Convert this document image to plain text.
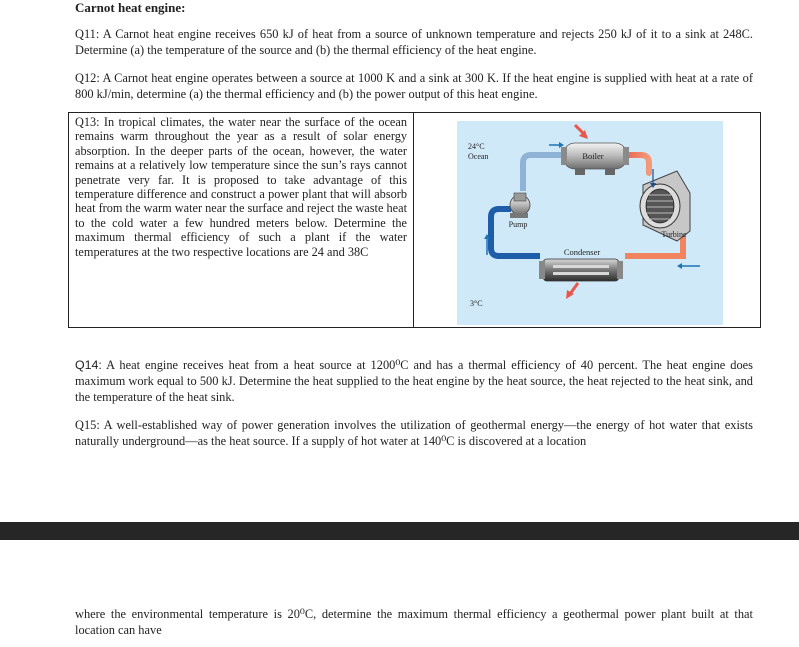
Carnot heat engine:

Q11: A Carnot heat engine receives 650 kJ of heat from a source of unknown temperature and rejects 250 kJ of it to a sink at 248C. Determine (a) the temperature of the source and (b) the thermal efficiency of the heat engine.

Q12: A Carnot heat engine operates between a source at 1000 K and a sink at 300 K. If the heat engine is supplied with heat at a rate of 800 kJ/min, determine (a) the thermal efficiency and (b) the power output of this heat engine.

Q13: In tropical climates, the water near the surface of the ocean remains warm throughout the year as a result of solar energy absorption. In the deeper parts of the ocean, however, the water remains at a relatively low temperature since the sun’s rays cannot penetrate very far. It is proposed to take advantage of this temperature difference and construct a power plant that will absorb heat from the warm water near the surface and reject the waste heat to the cold water a few hundred meters below. Determine the maximum thermal efficiency of such a plant if the water temperatures at the two respective locations are 24 and 38C
Boiler
Turbine
Pump
Condenser
24°C
Ocean
3°C

Q14: A heat engine receives heat from a heat source at 1200⁰C and has a thermal efficiency of 40 percent. The heat engine does maximum work equal to 500 kJ. Determine the heat supplied to the heat engine by the heat source, the heat rejected to the heat sink, and the temperature of the heat sink.

Q15: A well-established way of power generation involves the utilization of geothermal energy—the energy of hot water that exists naturally underground—as the heat source. If a supply of hot water at 140⁰C is discovered at a location

where the environmental temperature is 20⁰C, determine the maximum thermal efficiency a geothermal power plant built at that location can have
